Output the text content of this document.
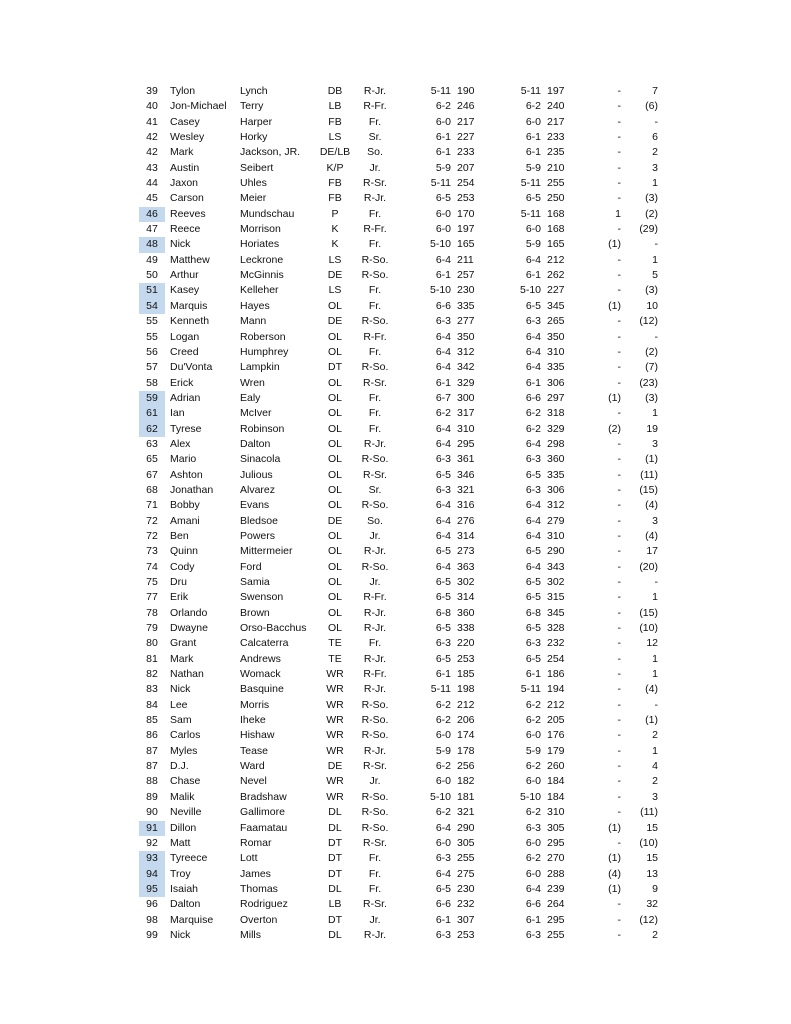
39	Tylon	Lynch	DB	R-Jr.	5-11 190	5-11 197	-	7
40	Jon-Michael Terry	LB	R-Fr.	6-2 246	6-2 240	-	(6)
41	Casey	Harper	FB	Fr.	6-0 217	6-0 217	-	-
42	Wesley	Horky	LS	Sr.	6-1 227	6-1 233	-	6
42	Mark	Jackson, JR. DE/LB	So.	6-1 233	6-1 235	-	2
43	Austin	Seibert	K/P	Jr.	5-9 207	5-9 210	-	3
44	Jaxon	Uhles	FB	R-Sr.	5-11 254	5-11 255	-	1
45	Carson	Meier	FB	R-Jr.	6-5 253	6-5 250	-	(3)
46	Reeves	Mundschau	P	Fr.	6-0 170	5-11 168	1	(2)
47	Reece	Morrison	K	R-Fr.	6-0 197	6-0 168	-	(29)
48	Nick	Horiates	K	Fr.	5-10 165	5-9 165	(1)	-
49	Matthew	Leckrone	LS	R-So.	6-4 211	6-4 212	-	1
50	Arthur	McGinnis	DE	R-So.	6-1 257	6-1 262	-	5
51	Kasey	Kelleher	LS	Fr.	5-10 230	5-10 227	-	(3)
54	Marquis	Hayes	OL	Fr.	6-6 335	6-5 345	(1)	10
55	Kenneth	Mann	DE	R-So.	6-3 277	6-3 265	-	(12)
55	Logan	Roberson	OL	R-Fr.	6-4 350	6-4 350	-	-
56	Creed	Humphrey	OL	Fr.	6-4 312	6-4 310	-	(2)
57	Du'Vonta	Lampkin	DT	R-So.	6-4 342	6-4 335	-	(7)
58	Erick	Wren	OL	R-Sr.	6-1 329	6-1 306	-	(23)
59	Adrian	Ealy	OL	Fr.	6-7 300	6-6 297	(1)	(3)
61	Ian	McIver	OL	Fr.	6-2 317	6-2 318	-	1
62	Tyrese	Robinson	OL	Fr.	6-4 310	6-2 329	(2)	19
63	Alex	Dalton	OL	R-Jr.	6-4 295	6-4 298	-	3
65	Mario	Sinacola	OL	R-So.	6-3 361	6-3 360	-	(1)
67	Ashton	Julious	OL	R-Sr.	6-5 346	6-5 335	-	(11)
68	Jonathan	Alvarez	OL	Sr.	6-3 321	6-3 306	-	(15)
71	Bobby	Evans	OL	R-So.	6-4 316	6-4 312	-	(4)
72	Amani	Bledsoe	DE	So.	6-4 276	6-4 279	-	3
72	Ben	Powers	OL	Jr.	6-4 314	6-4 310	-	(4)
73	Quinn	Mittermeier	OL	R-Jr.	6-5 273	6-5 290	-	17
74	Cody	Ford	OL	R-So.	6-4 363	6-4 343	-	(20)
75	Dru	Samia	OL	Jr.	6-5 302	6-5 302	-	-
77	Erik	Swenson	OL	R-Fr.	6-5 314	6-5 315	-	1
78	Orlando	Brown	OL	R-Jr.	6-8 360	6-8 345	-	(15)
79	Dwayne	Orso-Bacchus	OL	R-Jr.	6-5 338	6-5 328	-	(10)
80	Grant	Calcaterra	TE	Fr.	6-3 220	6-3 232	-	12
81	Mark	Andrews	TE	R-Jr.	6-5 253	6-5 254	-	1
82	Nathan	Womack	WR	R-Fr.	6-1 185	6-1 186	-	1
83	Nick	Basquine	WR	R-Jr.	5-11 198	5-11 194	-	(4)
84	Lee	Morris	WR	R-So.	6-2 212	6-2 212	-	-
85	Sam	Iheke	WR	R-So.	6-2 206	6-2 205	-	(1)
86	Carlos	Hishaw	WR	R-So.	6-0 174	6-0 176	-	2
87	Myles	Tease	WR	R-Jr.	5-9 178	5-9 179	-	1
87	D.J.	Ward	DE	R-Sr.	6-2 256	6-2 260	-	4
88	Chase	Nevel	WR	Jr.	6-0 182	6-0 184	-	2
89	Malik	Bradshaw	WR	R-So.	5-10 181	5-10 184	-	3
90	Neville	Gallimore	DL	R-So.	6-2 321	6-2 310	-	(11)
91	Dillon	Faamatau	DL	R-So.	6-4 290	6-3 305	(1)	15
92	Matt	Romar	DT	R-Sr.	6-0 305	6-0 295	-	(10)
93	Tyreece	Lott	DT	Fr.	6-3 255	6-2 270	(1)	15
94	Troy	James	DT	Fr.	6-4 275	6-0 288	(4)	13
95	Isaiah	Thomas	DL	Fr.	6-5 230	6-4 239	(1)	9
96	Dalton	Rodriguez	LB	R-Sr.	6-6 232	6-6 264	-	32
98	Marquise	Overton	DT	Jr.	6-1 307	6-1 295	-	(12)
99	Nick	Mills	DL	R-Jr.	6-3 253	6-3 255	-	2
